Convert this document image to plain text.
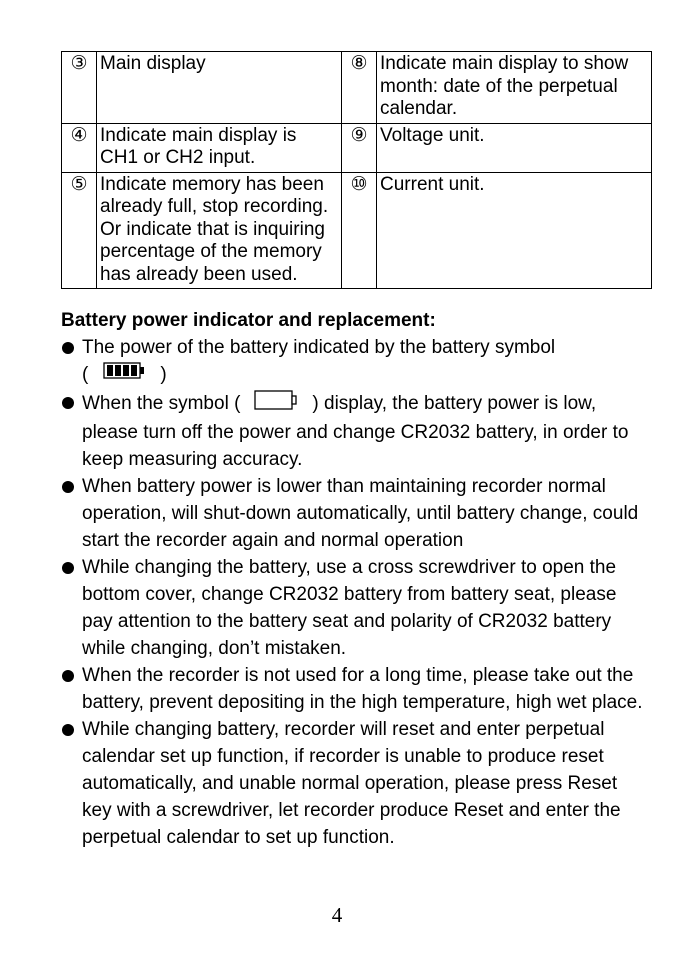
③	Main display	⑧	Indicate main display to show month: date of the perpetual calendar.
④	Indicate main display is CH1 or CH2 input.	⑨	Voltage unit.
⑤	Indicate memory has been already full, stop recording. Or indicate that is inquiring percentage of the memory has already been used.	⑩	Current unit.
Battery power indicator and replacement:
The power of the battery indicated by the battery symbol
(	)
When the symbol (	) display, the battery power is low, please turn off the power and change CR2032 battery, in order to keep measuring accuracy.
When battery power is lower than maintaining recorder normal operation, will shut-down automatically, until battery change, could start the recorder again and normal operation
While changing the battery, use a cross screwdriver to open the bottom cover, change CR2032 battery from battery seat, please pay attention to the battery seat and polarity of CR2032 battery while changing, don’t mistaken.
When the recorder is not used for a long time, please take out the battery, prevent depositing in the high temperature, high wet place.
While changing battery, recorder will reset and enter perpetual calendar set up function, if recorder is unable to produce reset automatically, and unable normal operation, please press Reset key with a screwdriver, let recorder produce Reset and enter the perpetual calendar to set up function.
4
